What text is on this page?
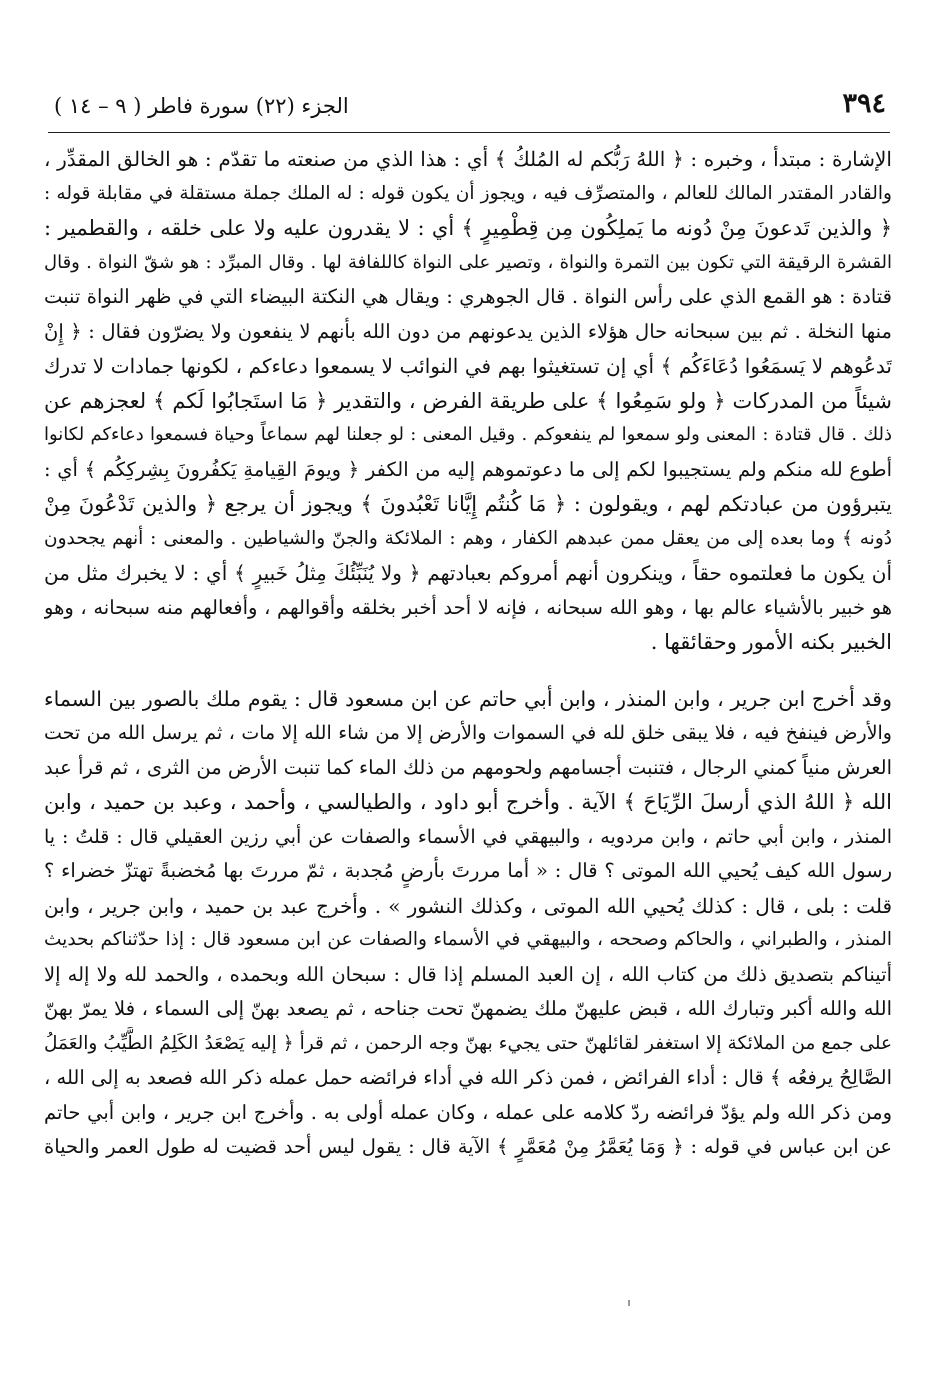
٣٩٤
الجزء (٢٢) سورة فاطر ( ٩ – ١٤ )
الإشارة : مبتدأ ، وخبره : ﴿ اللهُ رَبُّكم له المُلكُ ﴾ أي : هذا الذي من صنعته ما تقدّم : هو الخالق المقدِّر ،
والقادر المقتدر المالك للعالم ، والمتصرِّف فيه ، ويجوز أن يكون قوله : له الملك جملة مستقلة في مقابلة قوله :
﴿ والذين تَدعونَ مِنْ دُونه ما يَملِكُون مِن قِطْمِيرٍ ﴾ أي : لا يقدرون عليه ولا على خلقه ، والقطمير :
القشرة الرقيقة التي تكون بين التمرة والنواة ، وتصير على النواة كاللفافة لها . وقال المبرِّد : هو شقّ النواة . وقال
قتادة : هو القمع الذي على رأس النواة . قال الجوهري : ويقال هي النكتة البيضاء التي في ظهر النواة تنبت
منها النخلة . ثم بين سبحانه حال هؤلاء الذين يدعونهم من دون الله بأنهم لا ينفعون ولا يضرّون فقال : ﴿ إِنْ
تَدعُوهم لا يَسمَعُوا دُعَاءَكُم ﴾ أي إن تستغيثوا بهم في النوائب لا يسمعوا دعاءكم ، لكونها جمادات لا تدرك
شيئاً من المدركات ﴿ ولو سَمِعُوا ﴾ على طريقة الفرض ، والتقدير ﴿ مَا استَجابُوا لَكم ﴾ لعجزهم عن
ذلك . قال قتادة : المعنى ولو سمعوا لم ينفعوكم . وقيل المعنى : لو جعلنا لهم سماعاً وحياة فسمعوا دعاءكم لكانوا
أطوع لله منكم ولم يستجيبوا لكم إلى ما دعوتموهم إليه من الكفر ﴿ ويومَ القِيامةِ يَكفُرونَ بِشِركِكُم ﴾ أي :
يتبرؤون من عبادتكم لهم ، ويقولون : ﴿ مَا كُنتُم إِيَّانا تَعْبُدونَ ﴾ ويجوز أن يرجع ﴿ والذين تَدْعُونَ مِنْ
دُونه ﴾ وما بعده إلى من يعقل ممن عبدهم الكفار ، وهم : الملائكة والجنّ والشياطين . والمعنى : أنهم يجحدون
أن يكون ما فعلتموه حقاً ، وينكرون أنهم أمروكم بعبادتهم ﴿ ولا يُنَبِّئُكَ مِثلُ خَبيرٍ ﴾ أي : لا يخبرك مثل من
هو خبير بالأشياء عالم بها ، وهو الله سبحانه ، فإنه لا أحد أخبر بخلقه وأقوالهم ، وأفعالهم منه سبحانه ، وهو
الخبير بكنه الأمور وحقائقها .
وقد أخرج ابن جرير ، وابن المنذر ، وابن أبي حاتم عن ابن مسعود قال : يقوم ملك بالصور بين السماء
والأرض فينفخ فيه ، فلا يبقى خلق لله في السموات والأرض إلا من شاء الله إلا مات ، ثم يرسل الله من تحت
العرش منياً كمني الرجال ، فتنبت أجسامهم ولحومهم من ذلك الماء كما تنبت الأرض من الثرى ، ثم قرأ عبد
الله ﴿ اللهُ الذي أرسلَ الرِّيَاحَ ﴾ الآية . وأخرج أبو داود ، والطيالسي ، وأحمد ، وعبد بن حميد ، وابن
المنذر ، وابن أبي حاتم ، وابن مردويه ، والبيهقي في الأسماء والصفات عن أبي رزين العقيلي قال : قلتُ : يا
رسول الله كيف يُحيي الله الموتى ؟ قال : « أما مررتَ بأرضٍ مُجدبة ، ثمّ مررتَ بها مُخضبةً تهتزّ خضراء ؟
قلت : بلى ، قال : كذلك يُحيي الله الموتى ، وكذلك النشور » . وأخرج عبد بن حميد ، وابن جرير ، وابن
المنذر ، والطبراني ، والحاكم وصححه ، والبيهقي في الأسماء والصفات عن ابن مسعود قال : إذا حدّثناكم بحديث
أتيناكم بتصديق ذلك من كتاب الله ، إن العبد المسلم إذا قال : سبحان الله وبحمده ، والحمد لله ولا إله إلا
الله والله أكبر وتبارك الله ، قبض عليهنّ ملك يضمهنّ تحت جناحه ، ثم يصعد بهنّ إلى السماء ، فلا يمرّ بهنّ
على جمع من الملائكة إلا استغفر لقائلهنّ حتى يجيء بهنّ وجه الرحمن ، ثم قرأ ﴿ إليه يَصْعَدُ الكَلِمُ الطَّيِّبُ والعَمَلُ
الصَّالِحُ يرفعُه ﴾ قال : أداء الفرائض ، فمن ذكر الله في أداء فرائضه حمل عمله ذكر الله فصعد به إلى الله ،
ومن ذكر الله ولم يؤدّ فرائضه ردّ كلامه على عمله ، وكان عمله أولى به . وأخرج ابن جرير ، وابن أبي حاتم
عن ابن عباس في قوله : ﴿ وَمَا يُعَمَّرُ مِنْ مُعَمَّرٍ ﴾ الآية قال : يقول ليس أحد قضيت له طول العمر والحياة
